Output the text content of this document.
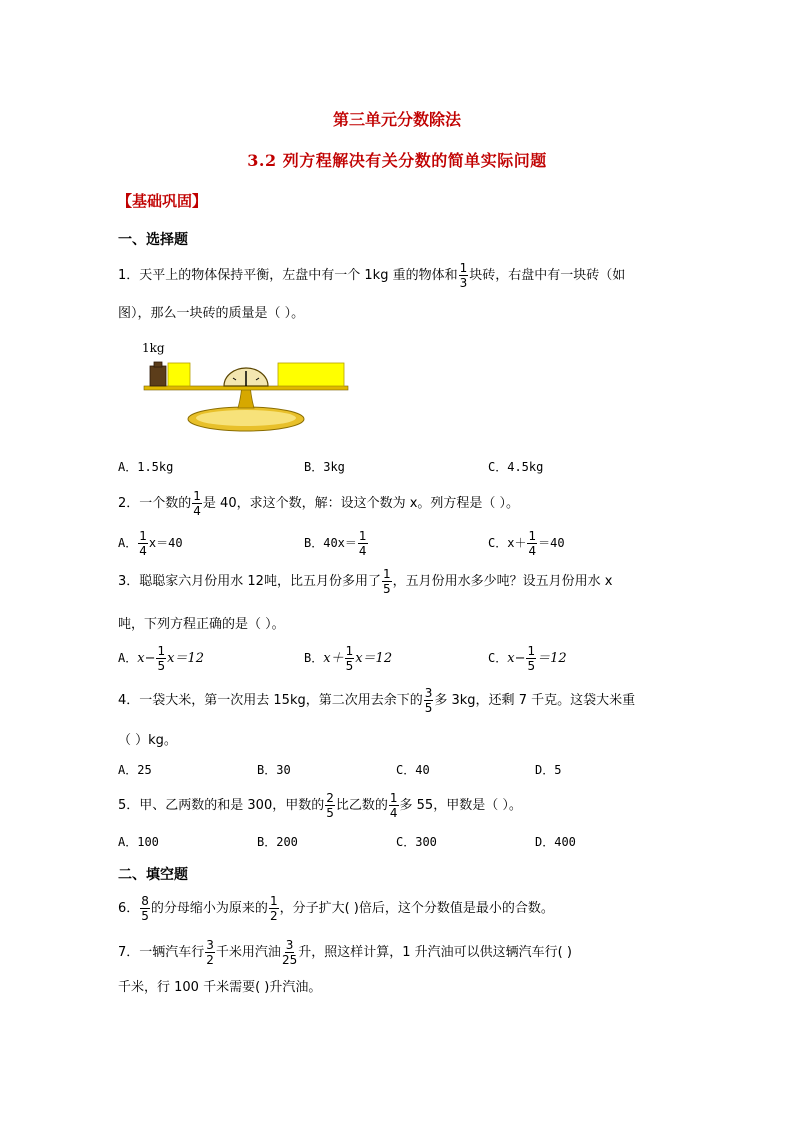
第三单元分数除法
3.2 列方程解决有关分数的简单实际问题
【基础巩固】
一、选择题
1．天平上的物体保持平衡，左盘中有一个 1kg 重的物体和 $\frac{1}{3}$ 块砖，右盘中有一块砖（如
图），那么一块砖的质量是（ ）。
1kg
A．1.5kg	B．3kg	C．4.5kg
2．一个数的 $\frac{1}{4}$ 是 40，求这个数，解：设这个数为 x。列方程是（ ）。
A． $\frac{1}{4} x=40$	B．$40x= \frac{1}{4}$	C．$x+ \frac{1}{4} =40$
3．聪聪家六月份用水 12吨，比五月份多用了 $\frac{1}{5}$ ，五月份用水多少吨？设五月份用水 x
吨，下列方程正确的是（ ）。
A．$x- \frac{1}{5} x=12$	B．$x+ \frac{1}{5} x=12$	C．$x- \frac{1}{5} =12$
4．一袋大米，第一次用去 15kg，第二次用去余下的 $\frac{3}{5}$ 多 3kg，还剩 7 千克。这袋大米重
（ ）kg。
A．25	B．30	C．40	D．5
5．甲、乙两数的和是 300，甲数的 $\frac{2}{5}$ 比乙数的 $\frac{1}{4}$ 多 55，甲数是（ ）。
A．100	B．200	C．300	D．400
二、填空题
6． $\frac{8}{5}$ 的分母缩小为原来的 $\frac{1}{2}$ ，分子扩大( )倍后，这个分数值是最小的合数。
7．一辆汽车行 $\frac{3}{2}$ 千米用汽油 $\frac{3}{25}$ 升，照这样计算，1 升汽油可以供这辆汽车行( )
千米，行 100 千米需要( )升汽油。
